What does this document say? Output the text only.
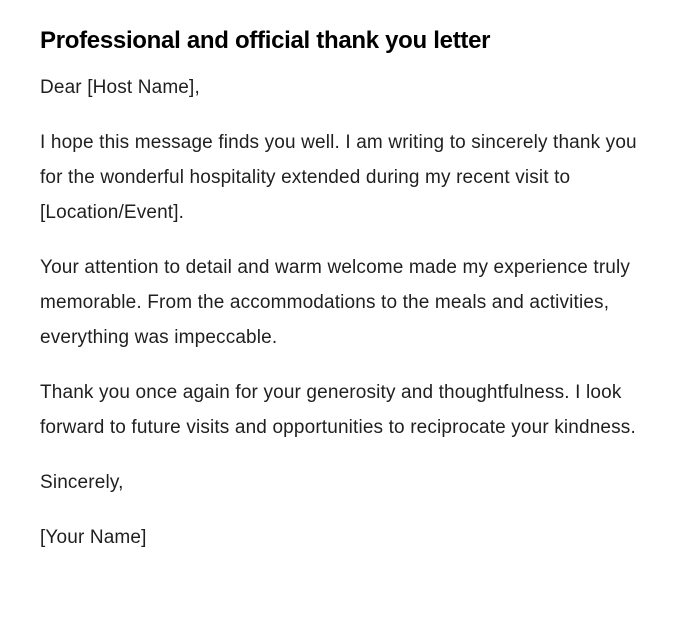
Professional and official thank you letter

Dear [Host Name],

I hope this message finds you well. I am writing to sincerely thank you for the wonderful hospitality extended during my recent visit to [Location/Event].

Your attention to detail and warm welcome made my experience truly memorable. From the accommodations to the meals and activities, everything was impeccable.

Thank you once again for your generosity and thoughtfulness. I look forward to future visits and opportunities to reciprocate your kindness.

Sincerely,

[Your Name]
